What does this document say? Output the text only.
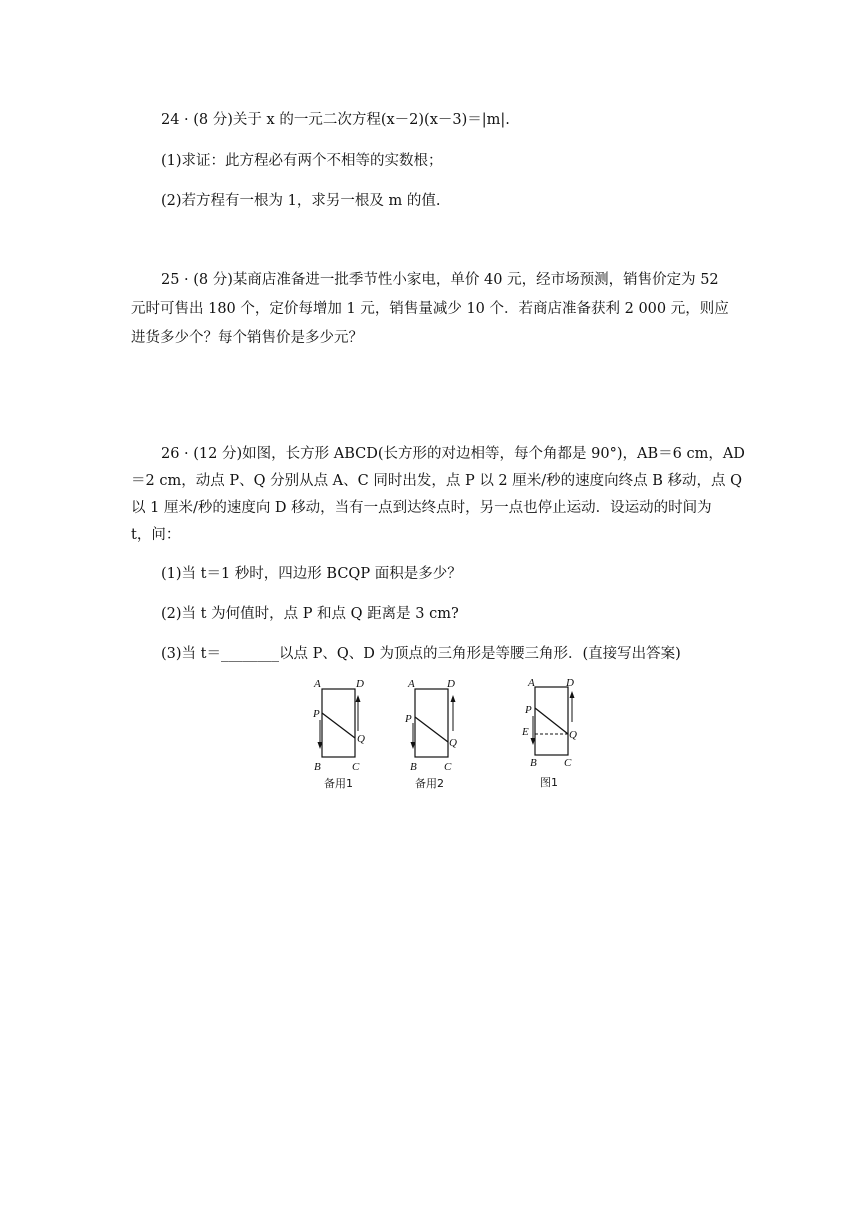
24 · (8 分)关于 x 的一元二次方程(x－2)(x－3)＝|m|.
(1)求证：此方程必有两个不相等的实数根；
(2)若方程有一根为 1，求另一根及 m 的值.
25 · (8 分)某商店准备进一批季节性小家电，单价 40 元，经市场预测，销售价定为 52
元时可售出 180 个，定价每增加 1 元，销售量减少 10 个．若商店准备获利 2 000 元，则应
进货多少个？每个销售价是多少元？
26 · (12 分)如图，长方形 ABCD(长方形的对边相等，每个角都是 90°)，AB＝6 cm，AD
＝2 cm，动点 P、Q 分别从点 A、C 同时出发，点 P 以 2 厘米/秒的速度向终点 B 移动，点 Q
以 1 厘米/秒的速度向 D 移动，当有一点到达终点时，另一点也停止运动．设运动的时间为
t，问：
(1)当 t＝1 秒时，四边形 BCQP 面积是多少？
(2)当 t 为何值时，点 P 和点 Q 距离是 3 cm?
(3)当 t＝________以点 P、Q、D 为顶点的三角形是等腰三角形．(直接写出答案)
A	D
P
Q
B	C
备用1
A	D
P
Q
B C
备用2
A	D
P
E	Q
B C
图1
